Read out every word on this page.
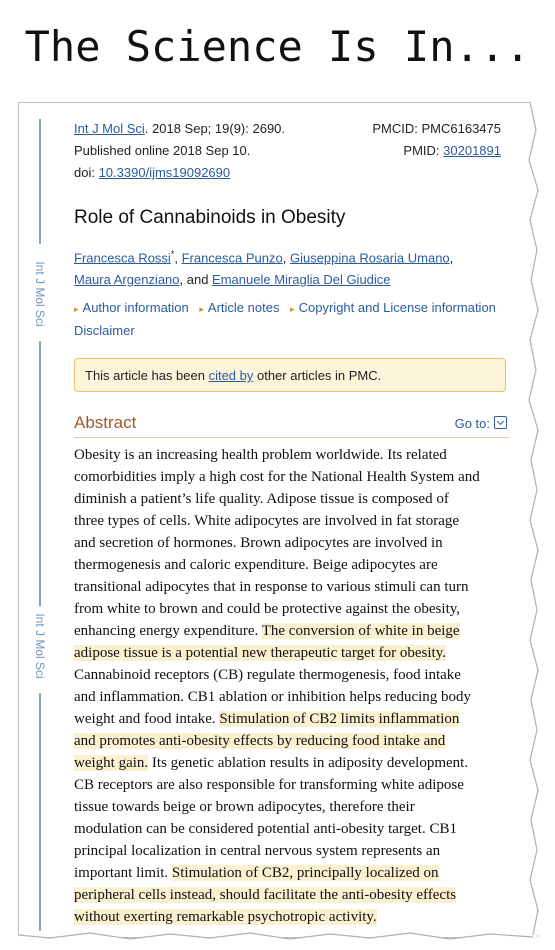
The Science Is In...
Int J Mol Sci
Int J Mol Sci
Int J Mol Sci. 2018 Sep; 19(9): 2690.
Published online 2018 Sep 10.
doi: 10.3390/ijms19092690
PMCID: PMC6163475
PMID: 30201891
Role of Cannabinoids in Obesity
Francesca Rossi*, Francesca Punzo, Giuseppina Rosaria Umano,
Maura Argenziano, and Emanuele Miraglia Del Giudice
▸ Author information ▸ Article notes ▸ Copyright and License information
Disclaimer
This article has been cited by other articles in PMC.
Abstract	Go to:
Obesity is an increasing health problem worldwide. Its related
comorbidities imply a high cost for the National Health System and
diminish a patient’s life quality. Adipose tissue is composed of
three types of cells. White adipocytes are involved in fat storage
and secretion of hormones. Brown adipocytes are involved in
thermogenesis and caloric expenditure. Beige adipocytes are
transitional adipocytes that in response to various stimuli can turn
from white to brown and could be protective against the obesity,
enhancing energy expenditure. The conversion of white in beige
adipose tissue is a potential new therapeutic target for obesity.
Cannabinoid receptors (CB) regulate thermogenesis, food intake
and inflammation. CB1 ablation or inhibition helps reducing body
weight and food intake. Stimulation of CB2 limits inflammation
and promotes anti-obesity effects by reducing food intake and
weight gain. Its genetic ablation results in adiposity development.
CB receptors are also responsible for transforming white adipose
tissue towards beige or brown adipocytes, therefore their
modulation can be considered potential anti-obesity target. CB1
principal localization in central nervous system represents an
important limit. Stimulation of CB2, principally localized on
peripheral cells instead, should facilitate the anti-obesity effects
without exerting remarkable psychotropic activity.
